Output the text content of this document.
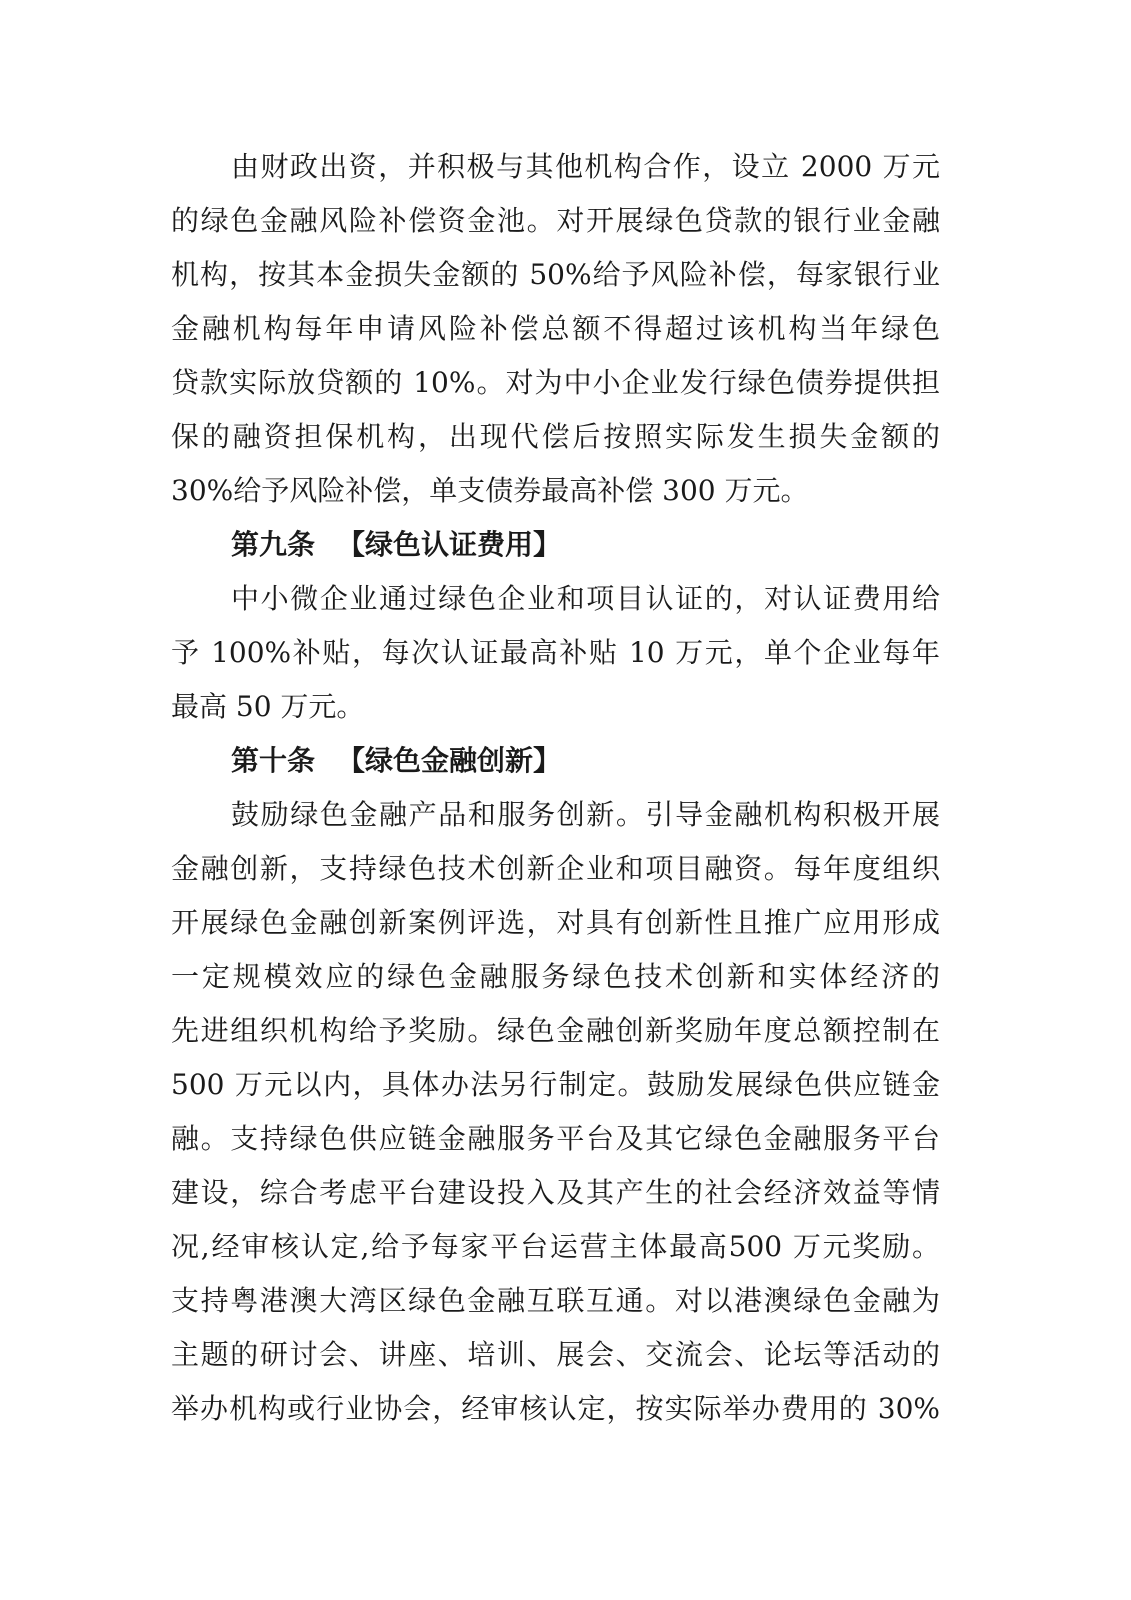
由财政出资，并积极与其他机构合作，设立 2000 万元
的绿色金融风险补偿资金池。对开展绿色贷款的银行业金融
机构，按其本金损失金额的 50%给予风险补偿，每家银行业
金融机构每年申请风险补偿总额不得超过该机构当年绿色
贷款实际放贷额的 10%。对为中小企业发行绿色债券提供担
保的融资担保机构，出现代偿后按照实际发生损失金额的
30%给予风险补偿，单支债券最高补偿 300 万元。
第九条 【绿色认证费用】
中小微企业通过绿色企业和项目认证的，对认证费用给
予 100%补贴，每次认证最高补贴 10 万元，单个企业每年
最高 50 万元。
第十条 【绿色金融创新】
鼓励绿色金融产品和服务创新。引导金融机构积极开展
金融创新，支持绿色技术创新企业和项目融资。每年度组织
开展绿色金融创新案例评选，对具有创新性且推广应用形成
一定规模效应的绿色金融服务绿色技术创新和实体经济的
先进组织机构给予奖励。绿色金融创新奖励年度总额控制在
500 万元以内，具体办法另行制定。鼓励发展绿色供应链金
融。支持绿色供应链金融服务平台及其它绿色金融服务平台
建设，综合考虑平台建设投入及其产生的社会经济效益等情
况,经审核认定,给予每家平台运营主体最高500 万元奖励。
支持粤港澳大湾区绿色金融互联互通。对以港澳绿色金融为
主题的研讨会、讲座、培训、展会、交流会、论坛等活动的
举办机构或行业协会，经审核认定，按实际举办费用的 30%
